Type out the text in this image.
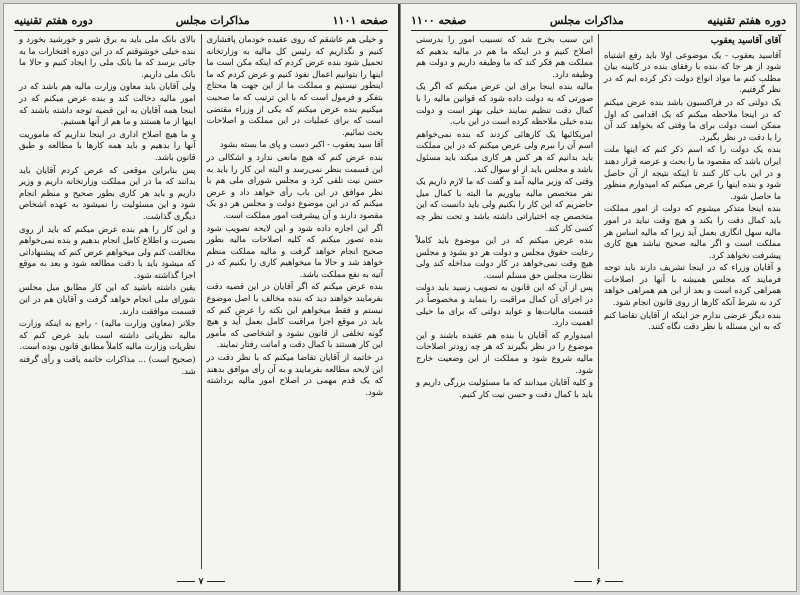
صفحه ۱۱۰۱
مذاکرات مجلس
دوره هفتم تقنینیه

و خیلی هم عاشقم که روی عقیده خودمان پافشاری کنیم و نگذاریم که رئیس کل مالیه به وزارتخانه تحمیل شود بنده عرض کردم که اینکه مکن است ما اینها را بتوانیم اعمال نفوذ کنیم و عرض کردم که ما اینطور نیستیم و مملکت ما از این جهت ها محتاج بتفکر و فرمول است که با این ترتیب که ما صحبت میکنیم بنده عرض میکنم که یکی از وزراء مقتضی است که برای عملیات در این مملکت و اصلاحات بحث نمائیم.

آقا سید یعقوب - اکبر دست و پای ما بسته بشود

بنده عرض کنم که هیچ مانعی ندارد و اشکالی در این قسمت بنظر نمی‌رسد و البته این کار را باید به حسن نیت تلقی کرد و مجلس شورای ملی هم با نظر موافق در این باب رأی خواهد داد و عرض میکنم که در این موضوع دولت و مجلس هر دو یک مقصود دارند و آن پیشرفت امور مملکت است.

اگر این اجازه داده شود و این لایحه تصویب شود بنده تصور میکنم که کلیه اصلاحات مالیه بطور صحیح انجام خواهد گرفت و مالیه مملکت منظم خواهد شد و حالا ما میخواهیم کاری را بکنیم که در آتیه به نفع مملکت باشد.

بنده عرض میکنم که اگر آقایان در این قضیه دقت بفرمایند خواهند دید که بنده مخالف با اصل موضوع نیستم و فقط میخواهم این نکته را عرض کنم که باید در موقع اجرا مراقبت کامل بعمل آید و هیچ گونه تخلفی از قانون نشود و اشخاصی که مأمور این کار هستند با کمال دقت و امانت رفتار نمایند.

در خاتمه از آقایان تقاضا میکنم که با نظر دقت در این لایحه مطالعه بفرمایند و به آن رأی موافق بدهند که یک قدم مهمی در اصلاح امور مالیه برداشته شود.

بالای بانک ملی باید به برق شیر و خورشید بخورد و بنده خیلی خوشوقتم که در این دوره افتخارات ما به جائی برسد که ما بانک ملی را ایجاد کنیم و حالا ما بانک ملی داریم.

ولی آقایان باید معاون وزارت مالیه هم باشد که در امور مالیه دخالت کند و بنده عرض میکنم که در اینجا همه آقایان به این قضیه توجه داشته باشند که اینها از ما هستند و ما هم از آنها هستیم.

و ما هیچ اصلاح اداری در اینجا نداریم که ماموریت آنها را بدهیم و باید همه کارها با مطالعه و طبق قانون باشد.

پس بنابراین موقعی که عرض کردم آقایان باید بدانند که ما در این مملکت وزارتخانه داریم و وزیر داریم و باید هر کاری بطور صحیح و منظم انجام شود و این مسئولیت را نمیشود به عهده اشخاص دیگری گذاشت.

و این کار را هم بنده عرض میکنم که باید از روی بصیرت و اطلاع کامل انجام بدهیم و بنده نمی‌خواهم مخالفت کنم ولی میخواهم عرض کنم که پیشنهاداتی که میشود باید با دقت مطالعه شود و بعد به موقع اجرا گذاشته شود.

یقین داشته باشید که این کار مطابق میل مجلس شورای ملی انجام خواهد گرفت و آقایان هم در این قسمت موافقت دارند.

جلاتر (معاون وزارت مالیه) - راجع به اینکه وزارت مالیه نظریاتی داشته است باید عرض کنم که نظریات وزارت مالیه کاملاً مطابق قانون بوده است.

(صحیح است) ... مذاکرات خاتمه یافت و رأی گرفته شد.

۷
دوره هفتم تقنینیه
مذاکرات مجلس
صفحه ۱۱۰۰

آقای آقاسید یعقوب

آقاسید یعقوب - یک موضوعی اولا باید رفع اشتباه شود از هر جا که بنده با رفقای بنده در کابینه بیان مطلب کنم ما مواد انواع دولت ذکر کرده ایم که در نظر گرفتیم.

یک دولتی که در فراکسیون باشد بنده عرض میکنم که در اینجا ملاحظه میکنم که یک اقدامی که اول ممکن است دولت برای ما وقتی که بخواهد کند آن را با دقت در نظر بگیرد.

بنده یک دولت را که اسم ذکر کنم که اینها ملت ایران باشد که مقصود ما را بحث و عرضه قرار دهند و در این باب کار کنند تا اینکه نتیجه از آن حاصل شود و بنده اینها را عرض میکنم که امیدوارم منظور ما حاصل شود.

بنده اینجا متذکر میشوم که دولت از امور مملکت باید کمال دقت را بکند و هیچ وقت نباید در امور مالیه سهل انگاری بعمل آید زیرا که مالیه اساس هر مملکت است و اگر مالیه صحیح نباشد هیچ کاری پیشرفت نخواهد کرد.

و آقایان وزراء که در اینجا تشریف دارند باید توجه فرمایند که مجلس همیشه با آنها در اصلاحات همراهی کرده است و بعد از این هم همراهی خواهد کرد به شرط آنکه کارها از روی قانون انجام شود.

بنده دیگر عرضی ندارم جز اینکه از آقایان تقاضا کنم که به این مسئله با نظر دقت نگاه کنند.

این سبب بخرج شد که تسبیب امور را بدرستی اصلاح کنیم و در اینکه ما هم در مالیه بدهیم که مملکت هم فکر کند که ما وظیفه داریم و دولت هم وظیفه دارد.

مالیه بنده اینجا برای این عرض میکنم که اگر یک صورتی که به دولت داده شود که قوانین مالیه را با کمال دقت تنظیم نمایند خیلی بهتر است و دولت بنده خیلی ملاحظه کرده است در این باب.

امریکائیها یک کارهائی کردند که بنده نمی‌خواهم اسم آن را ببرم ولی عرض میکنم که در این مملکت باید بدانیم که هر کس هر کاری میکند باید مسئول باشد و مجلس باید از او سوال کند.

وقتی که وزیر مالیه آمد و گفت که ما لازم داریم یک نفر متخصص مالیه بیاوریم ما البته با کمال میل حاضریم که این کار را بکنیم ولی باید دانست که این متخصص چه اختیاراتی داشته باشد و تحت نظر چه کسی کار کند.

بنده عرض میکنم که در این موضوع باید کاملاً رعایت حقوق مجلس و دولت هر دو بشود و مجلس هیچ وقت نمی‌خواهد در کار دولت مداخله کند ولی نظارت مجلس حق مسلم است.

پس از آن که این قانون به تصویب رسید باید دولت در اجرای آن کمال مراقبت را بنماید و مخصوصاً در قسمت مالیات‌ها و عواید دولتی که برای ما خیلی اهمیت دارد.

امیدوارم که آقایان با بنده هم عقیده باشند و این موضوع را در نظر بگیرند که هر چه زودتر اصلاحات مالیه شروع شود و مملکت از این وضعیت خارج شود.

و کلیه آقایان میدانند که ما مسئولیت بزرگی داریم و باید با کمال دقت و حسن نیت کار کنیم.

۶
